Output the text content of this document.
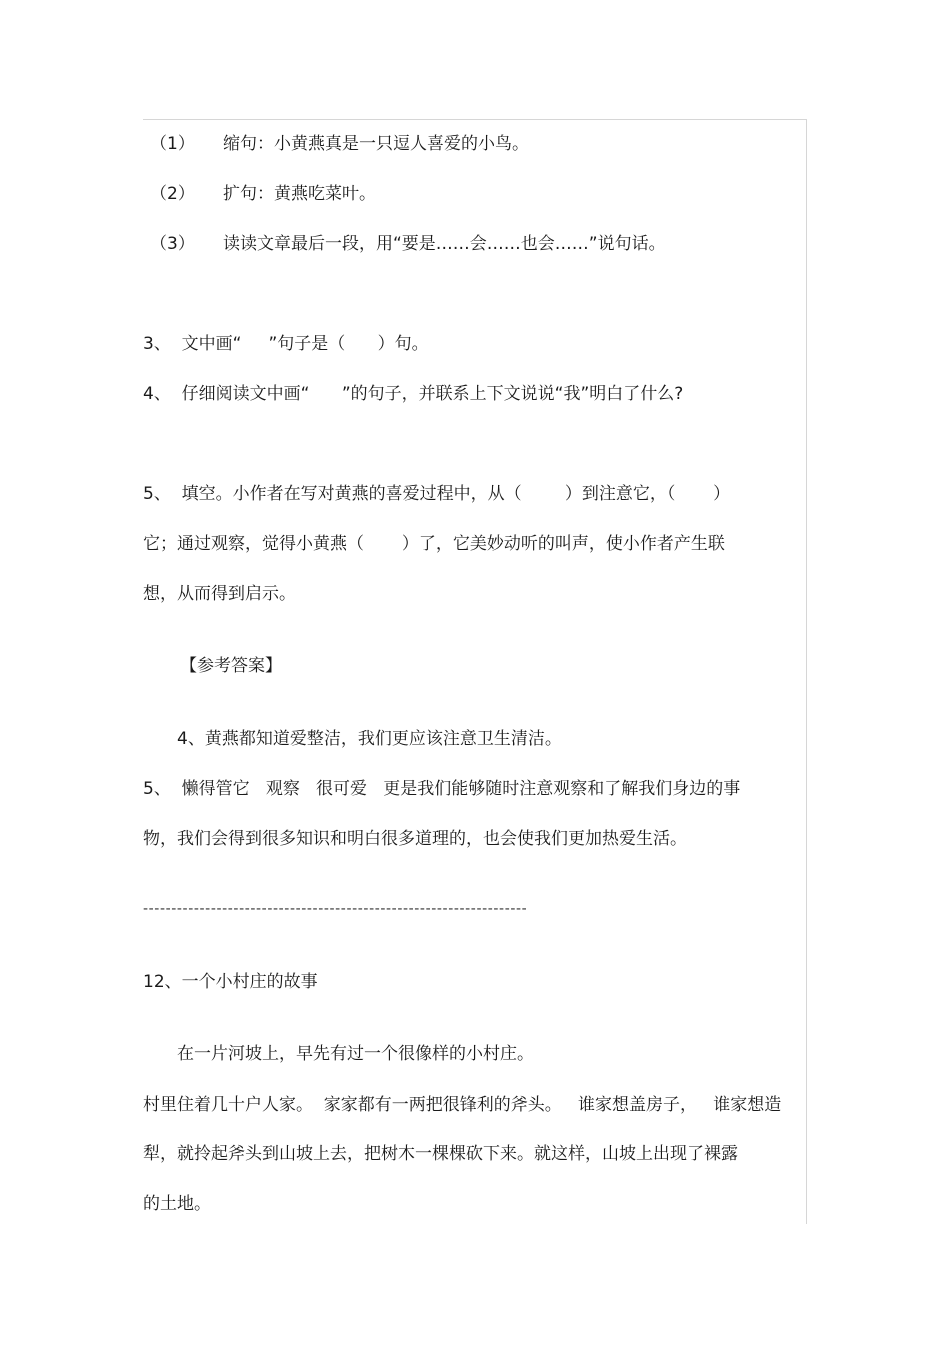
（1） 缩句：小黄燕真是一只逗人喜爱的小鸟。
（2） 扩句：黄燕吃菜叶。
（3） 读读文章最后一段，用“要是……会……也会……”说句话。
3、  文中画“     ”句子是（      ）句。
4、  仔细阅读文中画“      ”的句子，并联系上下文说说“我”明白了什么?
5、  填空。小作者在写对黄燕的喜爱过程中，从（        ）到注意它，（       ）
它；通过观察，觉得小黄燕（       ）了，它美妙动听的叫声，使小作者产生联
想，从而得到启示。
【参考答案】
4、黄燕都知道爱整洁，我们更应该注意卫生清洁。
5、  懒得管它   观察   很可爱   更是我们能够随时注意观察和了解我们身边的事
物，我们会得到很多知识和明白很多道理的，也会使我们更加热爱生活。
--------------------------------------------------------------------
12、一个小村庄的故事
在一片河坡上，早先有过一个很像样的小村庄。
村里住着几十户人家。  家家都有一两把很锋利的斧头。   谁家想盖房子，   谁家想造
犁，就拎起斧头到山坡上去，把树木一棵棵砍下来。就这样，山坡上出现了裸露
的土地。
